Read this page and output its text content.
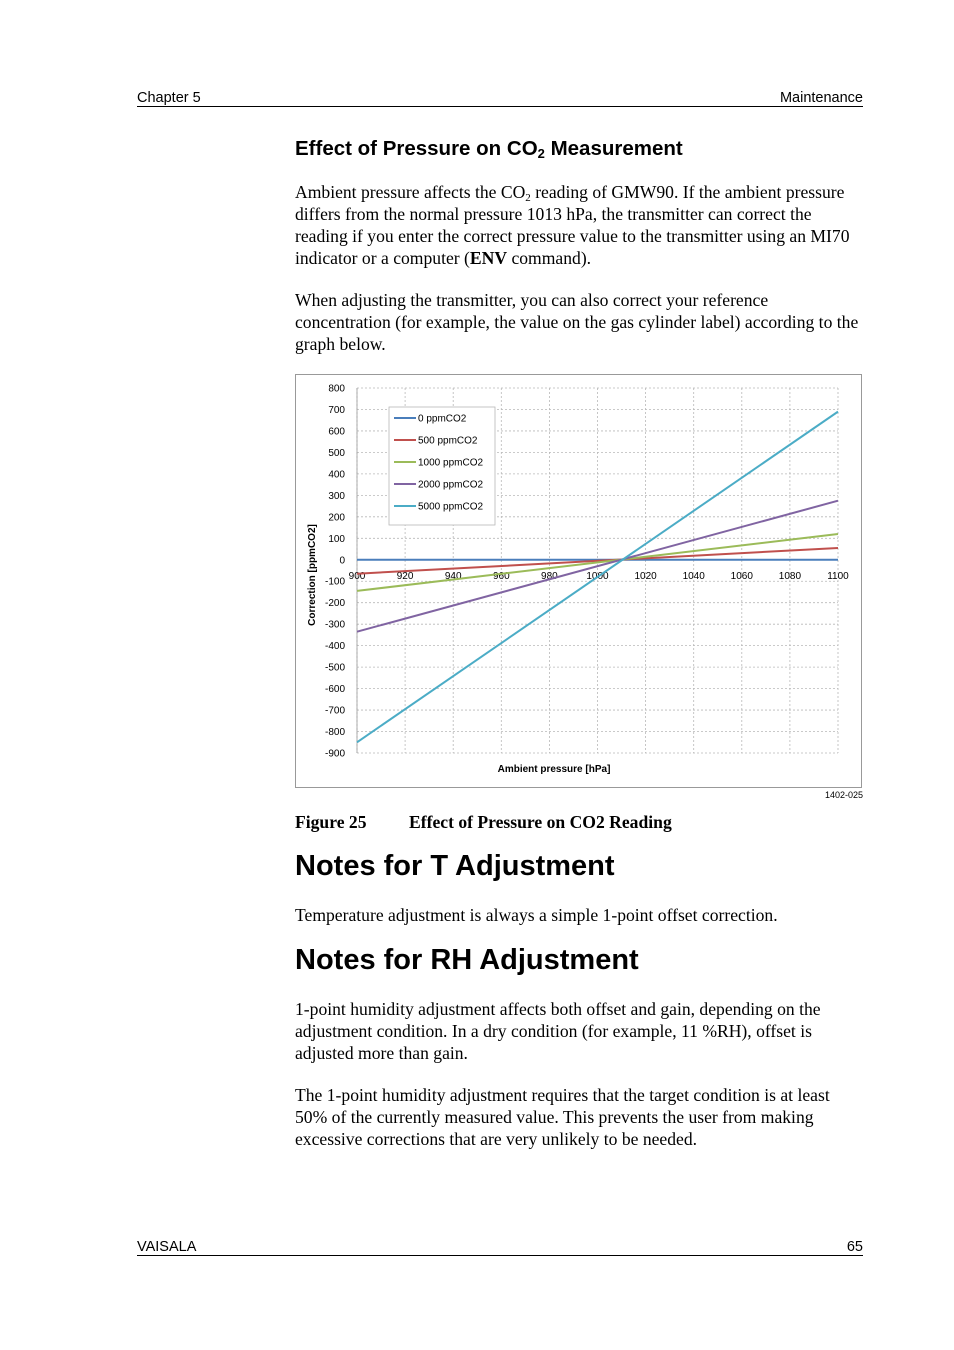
Chapter 5	Maintenance
Effect of Pressure on $CO_2$ Measurement
Ambient pressure affects the $CO_2$ reading of GMW90. If the ambient pressure differs from the normal pressure 1013 hPa, the transmitter can correct the reading if you enter the correct pressure value to the transmitter using an MI70 indicator or a computer (ENV command).
When adjusting the transmitter, you can also correct your reference concentration (for example, the value on the gas cylinder label) according to the graph below.
800
700
600
500
400
300
200
100
0
-100
-200
-300
-400
-500
-600
-700
-800
-900
900	920	940	960	980	1000	1020	1040	1060	1080	1100
Correction [ppmCO2]
Ambient pressure [hPa]
0 ppmCO2
500 ppmCO2
1000 ppmCO2
2000 ppmCO2
5000 ppmCO2
1402-025
Figure 25 Effect of Pressure on CO2 Reading
Notes for T Adjustment
Temperature adjustment is always a simple 1-point offset correction.
Notes for RH Adjustment
1-point humidity adjustment affects both offset and gain, depending on the adjustment condition. In a dry condition (for example, 11 %RH), offset is adjusted more than gain.
The 1-point humidity adjustment requires that the target condition is at least 50% of the currently measured value. This prevents the user from making excessive corrections that are very unlikely to be needed.
VAISALA	65
